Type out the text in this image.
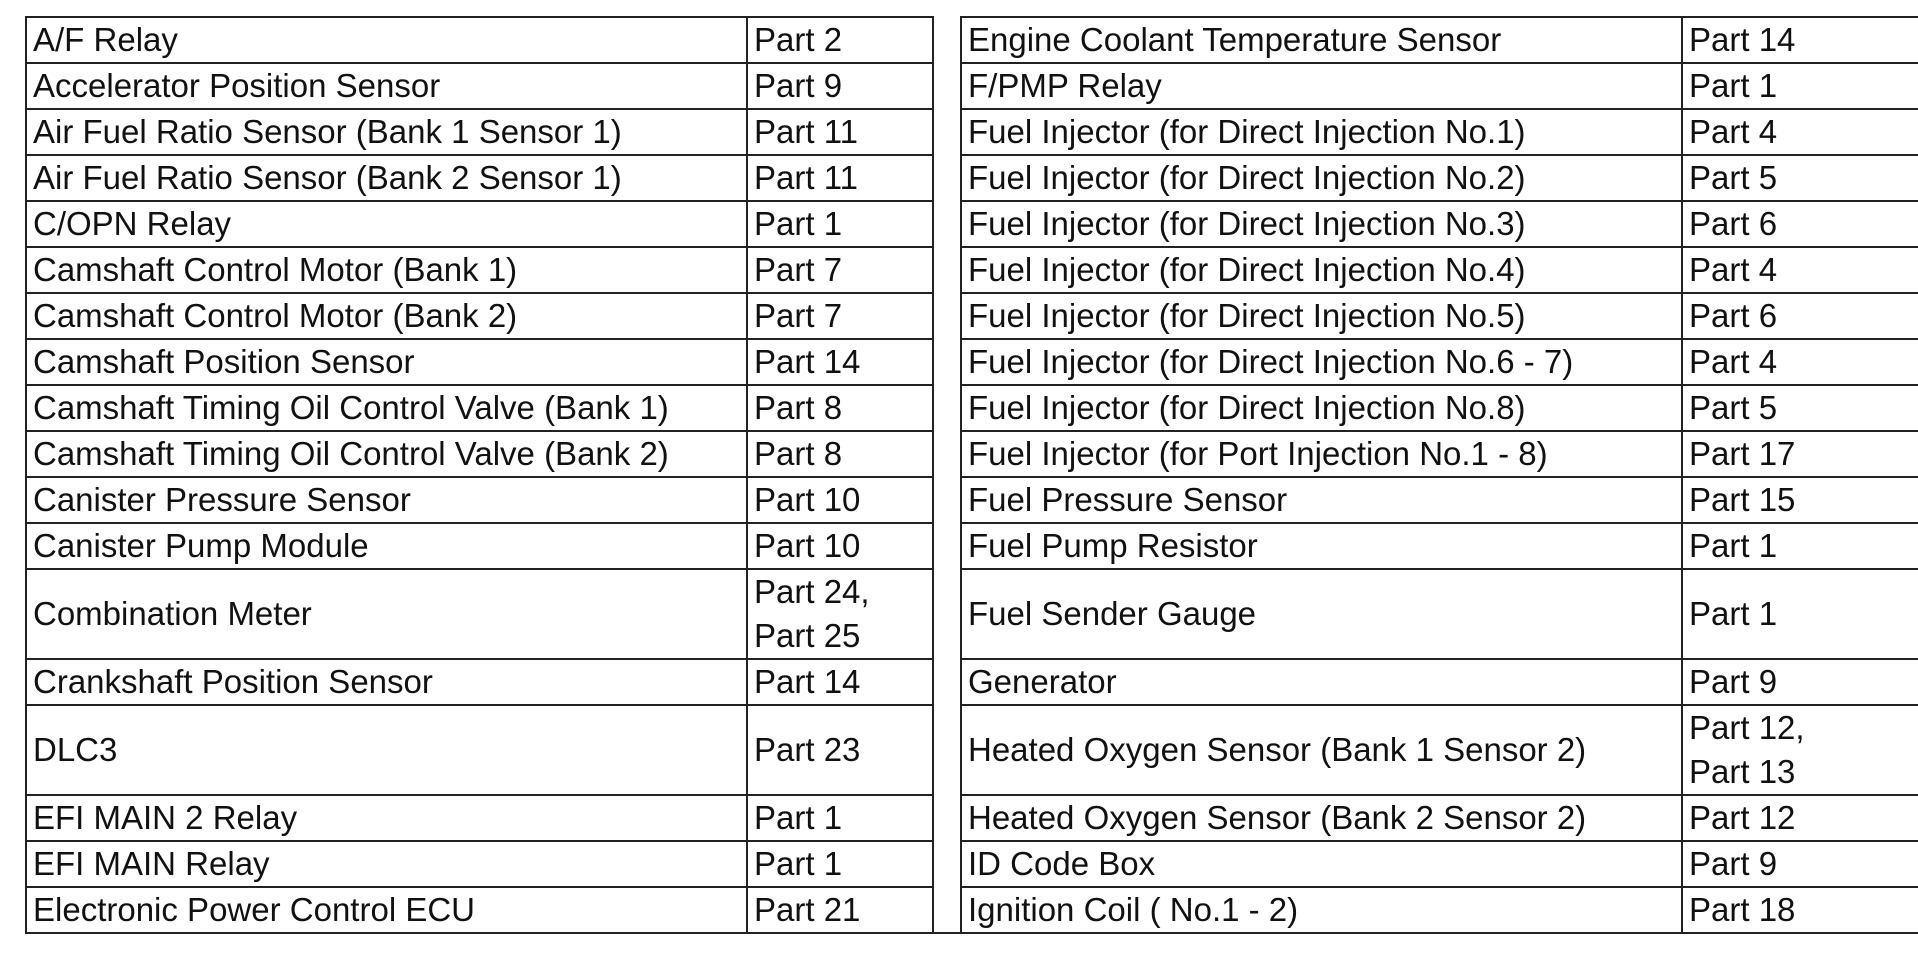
A/F Relay	Part 2		Engine Coolant Temperature Sensor	Part 14

Accelerator Position Sensor	Part 9		F/PMP Relay	Part 1

Air Fuel Ratio Sensor (Bank 1 Sensor 1)	Part 11		Fuel Injector (for Direct Injection No.1)	Part 4

Air Fuel Ratio Sensor (Bank 2 Sensor 1)	Part 11		Fuel Injector (for Direct Injection No.2)	Part 5

C/OPN Relay	Part 1		Fuel Injector (for Direct Injection No.3)	Part 6

Camshaft Control Motor (Bank 1)	Part 7		Fuel Injector (for Direct Injection No.4)	Part 4

Camshaft Control Motor (Bank 2)	Part 7		Fuel Injector (for Direct Injection No.5)	Part 6

Camshaft Position Sensor	Part 14		Fuel Injector (for Direct Injection No.6 - 7)	Part 4

Camshaft Timing Oil Control Valve (Bank 1)	Part 8		Fuel Injector (for Direct Injection No.8)	Part 5

Camshaft Timing Oil Control Valve (Bank 2)	Part 8		Fuel Injector (for Port Injection No.1 - 8)	Part 17

Canister Pressure Sensor	Part 10		Fuel Pressure Sensor	Part 15

Canister Pump Module	Part 10		Fuel Pump Resistor	Part 1

Combination Meter	Part 24,
Part 25		Fuel Sender Gauge	Part 1

Crankshaft Position Sensor	Part 14		Generator	Part 9

DLC3	Part 23		Heated Oxygen Sensor (Bank 1 Sensor 2)	Part 12,
Part 13

EFI MAIN 2 Relay	Part 1		Heated Oxygen Sensor (Bank 2 Sensor 2)	Part 12

EFI MAIN Relay	Part 1		ID Code Box	Part 9

Electronic Power Control ECU	Part 21		Ignition Coil ( No.1 - 2)	Part 18
